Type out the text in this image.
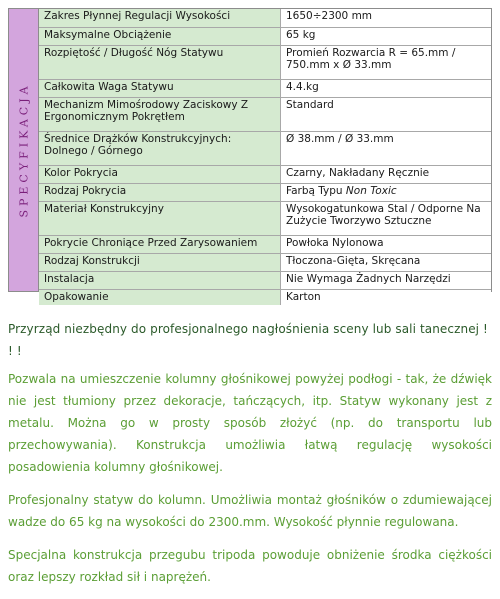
SPECYFIKACJA
Zakres Płynnej Regulacji Wysokości	1650÷2300 mm
Maksymalne Obciążenie	65 kg
Rozpiętość / Długość Nóg Statywu	Promień Rozwarcia R = 65.mm / 750.mm x Ø 33.mm
Całkowita Waga Statywu	4.4.kg
Mechanizm Mimośrodowy Zaciskowy Z Ergonomicznym Pokrętłem	Standard
Średnice Drążków Konstrukcyjnych: Dolnego / Górnego	Ø 38.mm / Ø 33.mm
Kolor Pokrycia	Czarny, Nakładany Ręcznie
Rodzaj Pokrycia	Farbą Typu Non Toxic
Materiał Konstrukcyjny	Wysokogatunkowa Stal / Odporne Na Zużycie Tworzywo Sztuczne
Pokrycie Chroniące Przed Zarysowaniem	Powłoka Nylonowa
Rodzaj Konstrukcji	Tłoczona-Gięta, Skręcana
Instalacja	Nie Wymaga Żadnych Narzędzi
Opakowanie	Karton

Przyrząd niezbędny do profesjonalnego nagłośnienia sceny lub sali tanecznej ! ! !

Pozwala na umieszczenie kolumny głośnikowej powyżej podłogi - tak, że dźwięk nie jest tłumiony przez dekoracje, tańczących, itp. Statyw wykonany jest z metalu. Można go w prosty sposób złożyć (np. do transportu lub przechowywania). Konstrukcja umożliwia łatwą regulację wysokości posadowienia kolumny głośnikowej.

Profesjonalny statyw do kolumn. Umożliwia montaż głośników o zdumiewającej wadze do 65 kg na wysokości do 2300.mm. Wysokość płynnie regulowana.

Specjalna konstrukcja przegubu tripoda powoduje obniżenie środka ciężkości oraz lepszy rozkład sił i naprężeń.
